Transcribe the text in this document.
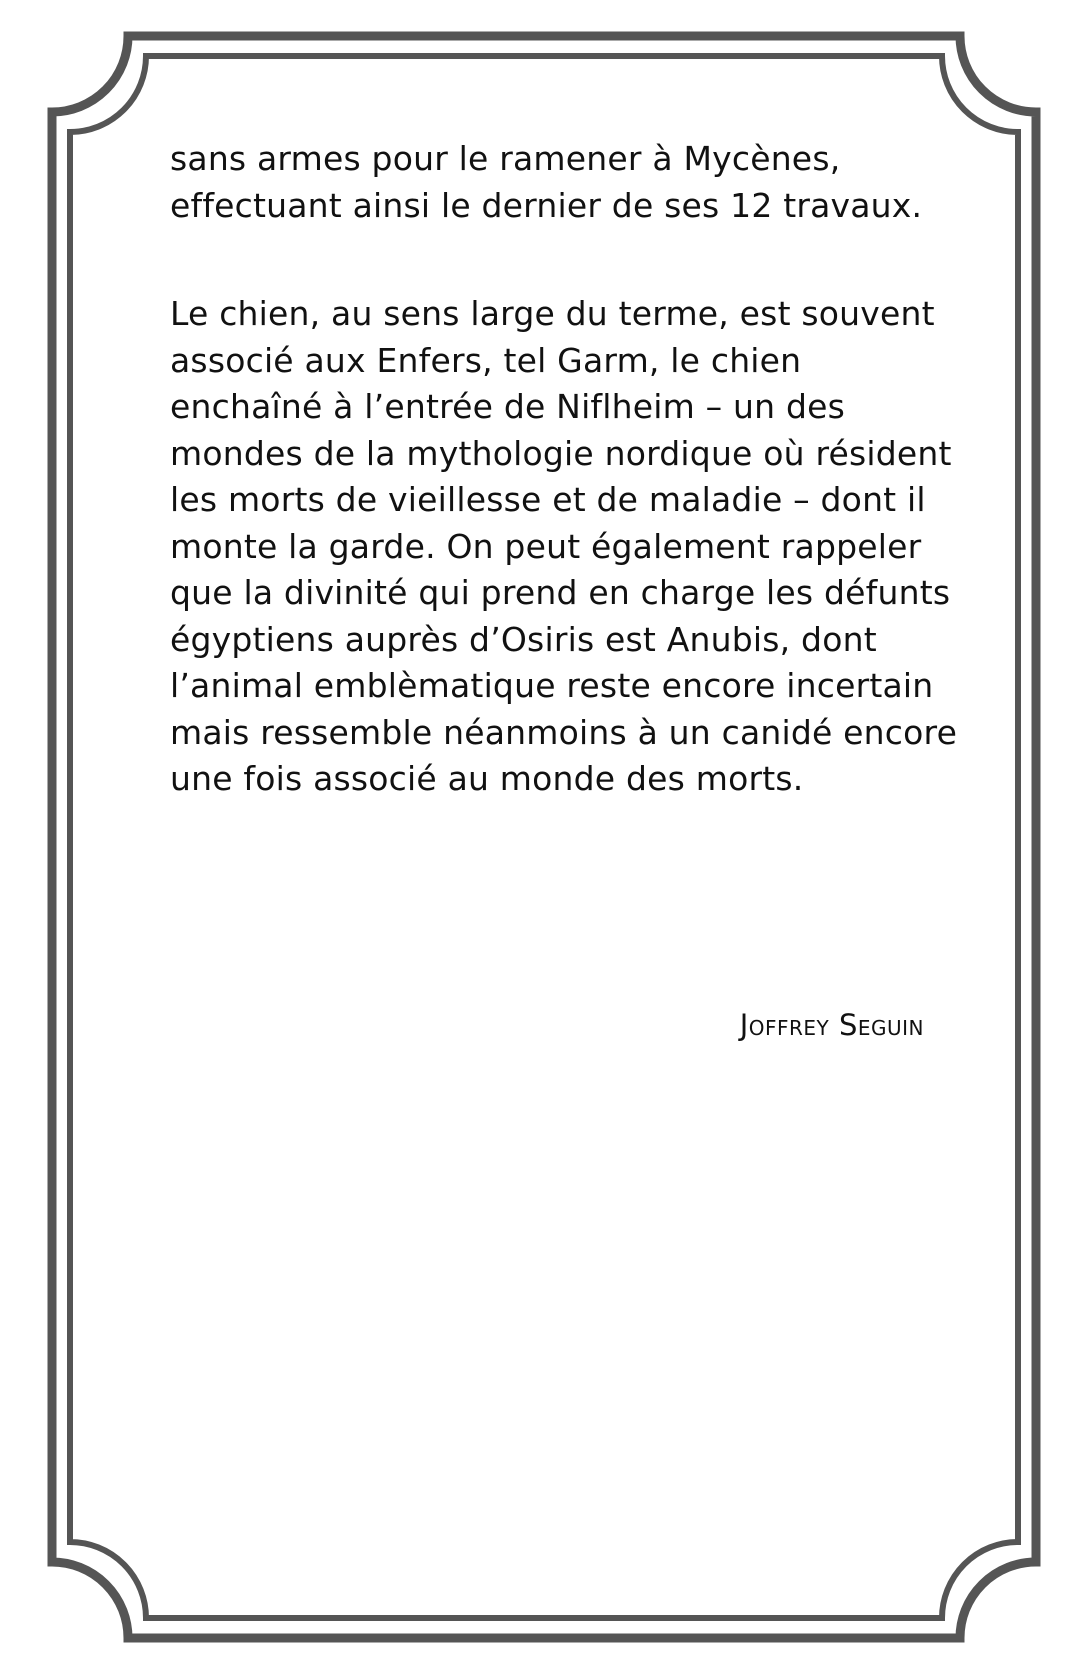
sans armes pour le ramener à Mycènes,
effectuant ainsi le dernier de ses 12 travaux.
Le chien, au sens large du terme, est souvent
associé aux Enfers, tel Garm, le chien
enchaîné à l’entrée de Niflheim – un des
mondes de la mythologie nordique où résident
les morts de vieillesse et de maladie – dont il
monte la garde. On peut également rappeler
que la divinité qui prend en charge les défunts
égyptiens auprès d’Osiris est Anubis, dont
l’animal emblèmatique reste encore incertain
mais ressemble néanmoins à un canidé encore
une fois associé au monde des morts.
Joffrey Seguin
